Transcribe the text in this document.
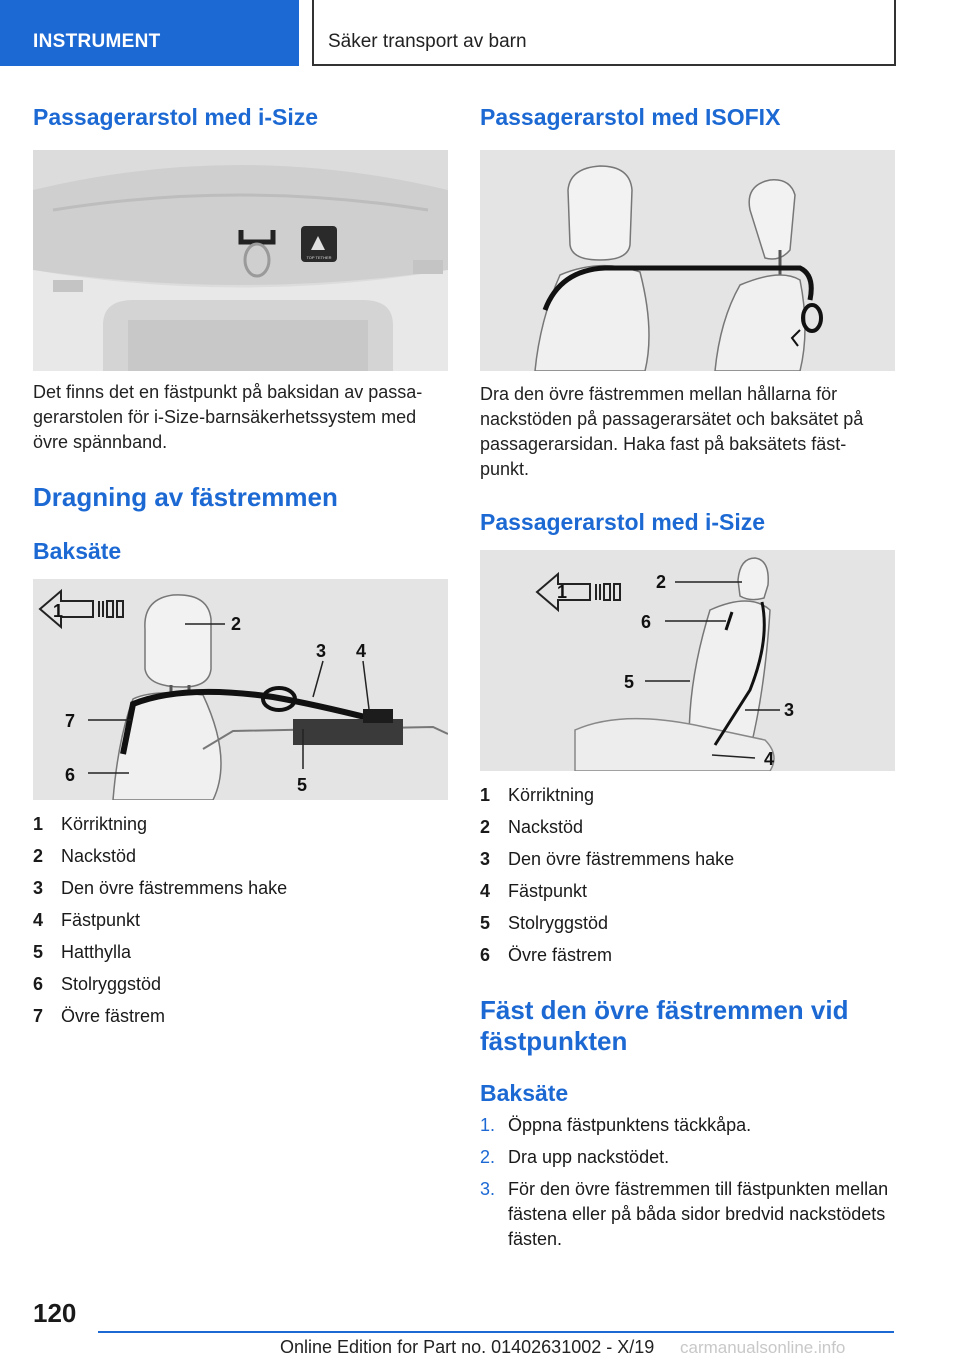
INSTRUMENT	Säker transport av barn
Passagerarstol med i-Size
TOP TETHER

Det finns det en fästpunkt på baksidan av passa-gerarstolen för i-Size-barnsäkerhetssystem med övre spännband.

Dragning av fästremmen
Baksäte
1
2
3 4
5
6
7
1 Körriktning
2 Nackstöd
3 Den övre fästremmens hake
4 Fästpunkt
5 Hatthylla
6 Stolryggstöd
7 Övre fästrem
Passagerarstol med ISOFIX

Dra den övre fästremmen mellan hållarna för nackstöden på passagerarsätet och baksätet på passagerarsidan. Haka fast på baksätets fäst-punkt.

Passagerarstol med i-Size
1	2
3
4
5
6
1 Körriktning
2 Nackstöd
3 Den övre fästremmens hake
4 Fästpunkt
5 Stolryggstöd
6 Övre fästrem
Fäst den övre fästremmen vid fästpunkten
Baksäte
1. Öppna fästpunktens täckkåpa.
2. Dra upp nackstödet.
3. För den övre fästremmen till fästpunkten mellan fästena eller på båda sidor bredvid nackstödets fästen.
120
Online Edition for Part no. 01402631002 - X/19 carmanualsonline.info
